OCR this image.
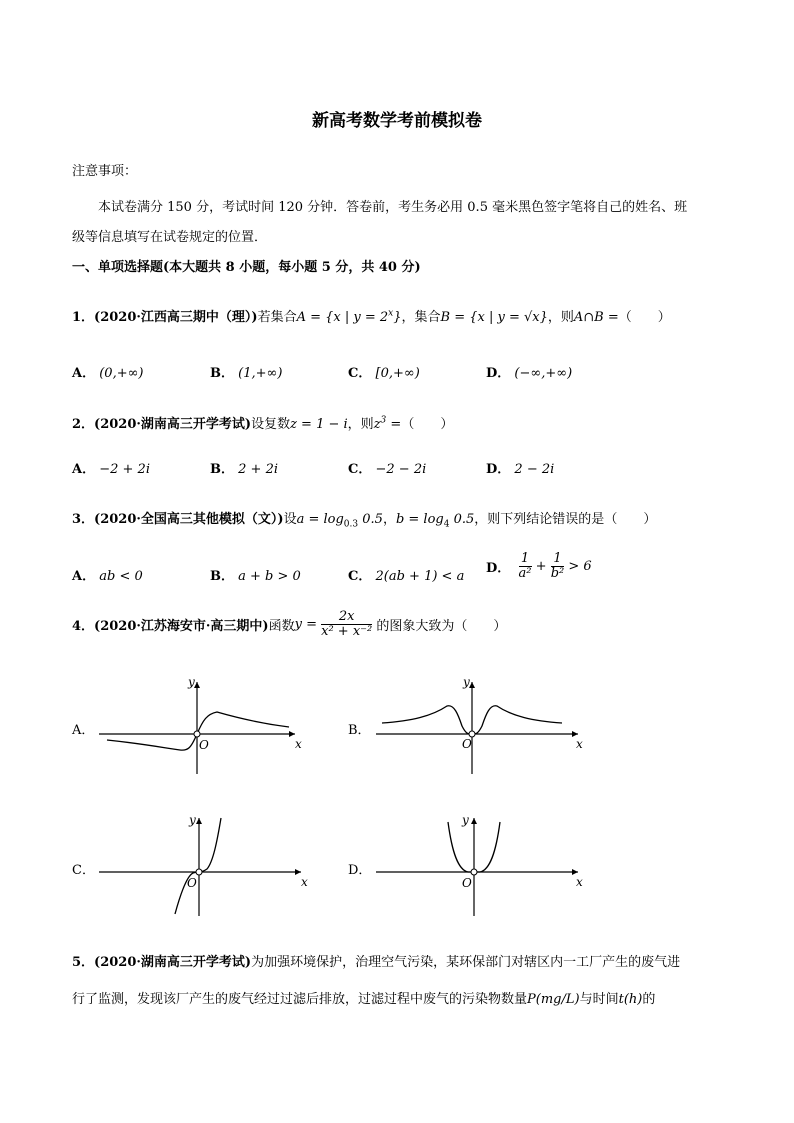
新高考数学考前模拟卷
注意事项：
本试卷满分 150 分，考试时间 120 分钟．答卷前，考生务必用 0.5 毫米黑色签字笔将自己的姓名、班
级等信息填写在试卷规定的位置．
一、单项选择题(本大题共 8 小题，每小题 5 分，共 40 分)
1．(2020·江西高三期中（理）)若集合A = {x | $y = 2^x$}，集合B = {x | y = √x}，则A∩B =（　　）
A． (0,+∞)	B． (1,+∞)	C． [0,+∞)	D． (−∞,+∞)
2．(2020·湖南高三开学考试)设复数z = 1 − i，则$z^3$ =（　　）
A． −2 + 2i	B． 2 + 2i	C． −2 − 2i	D． 2 − 2i
3．(2020·全国高三其他模拟（文）)设$a = \log_{0.3} 0.5$，$b = \log_4 0.5$，则下列结论错误的是（　　）
A． ab < 0	B． a + b > 0	C． 2(ab + 1) < a
D． $\frac{1}{\text{a²}} + \frac{1}{\text{b²}} > 6$
4．(2020·江苏海安市·高三期中)函数$y = \frac{2x}{\text{x² + x⁻²}}$ 的图象大致为（　　）
A．
y
x
O
B．
y
x
O
C．
y
x
O
D．
y
x
O
5．(2020·湖南高三开学考试)为加强环境保护，治理空气污染，某环保部门对辖区内一工厂产生的废气进
行了监测，发现该厂产生的废气经过过滤后排放，过滤过程中废气的污染物数量P(mg/L)与时间t(h)的
